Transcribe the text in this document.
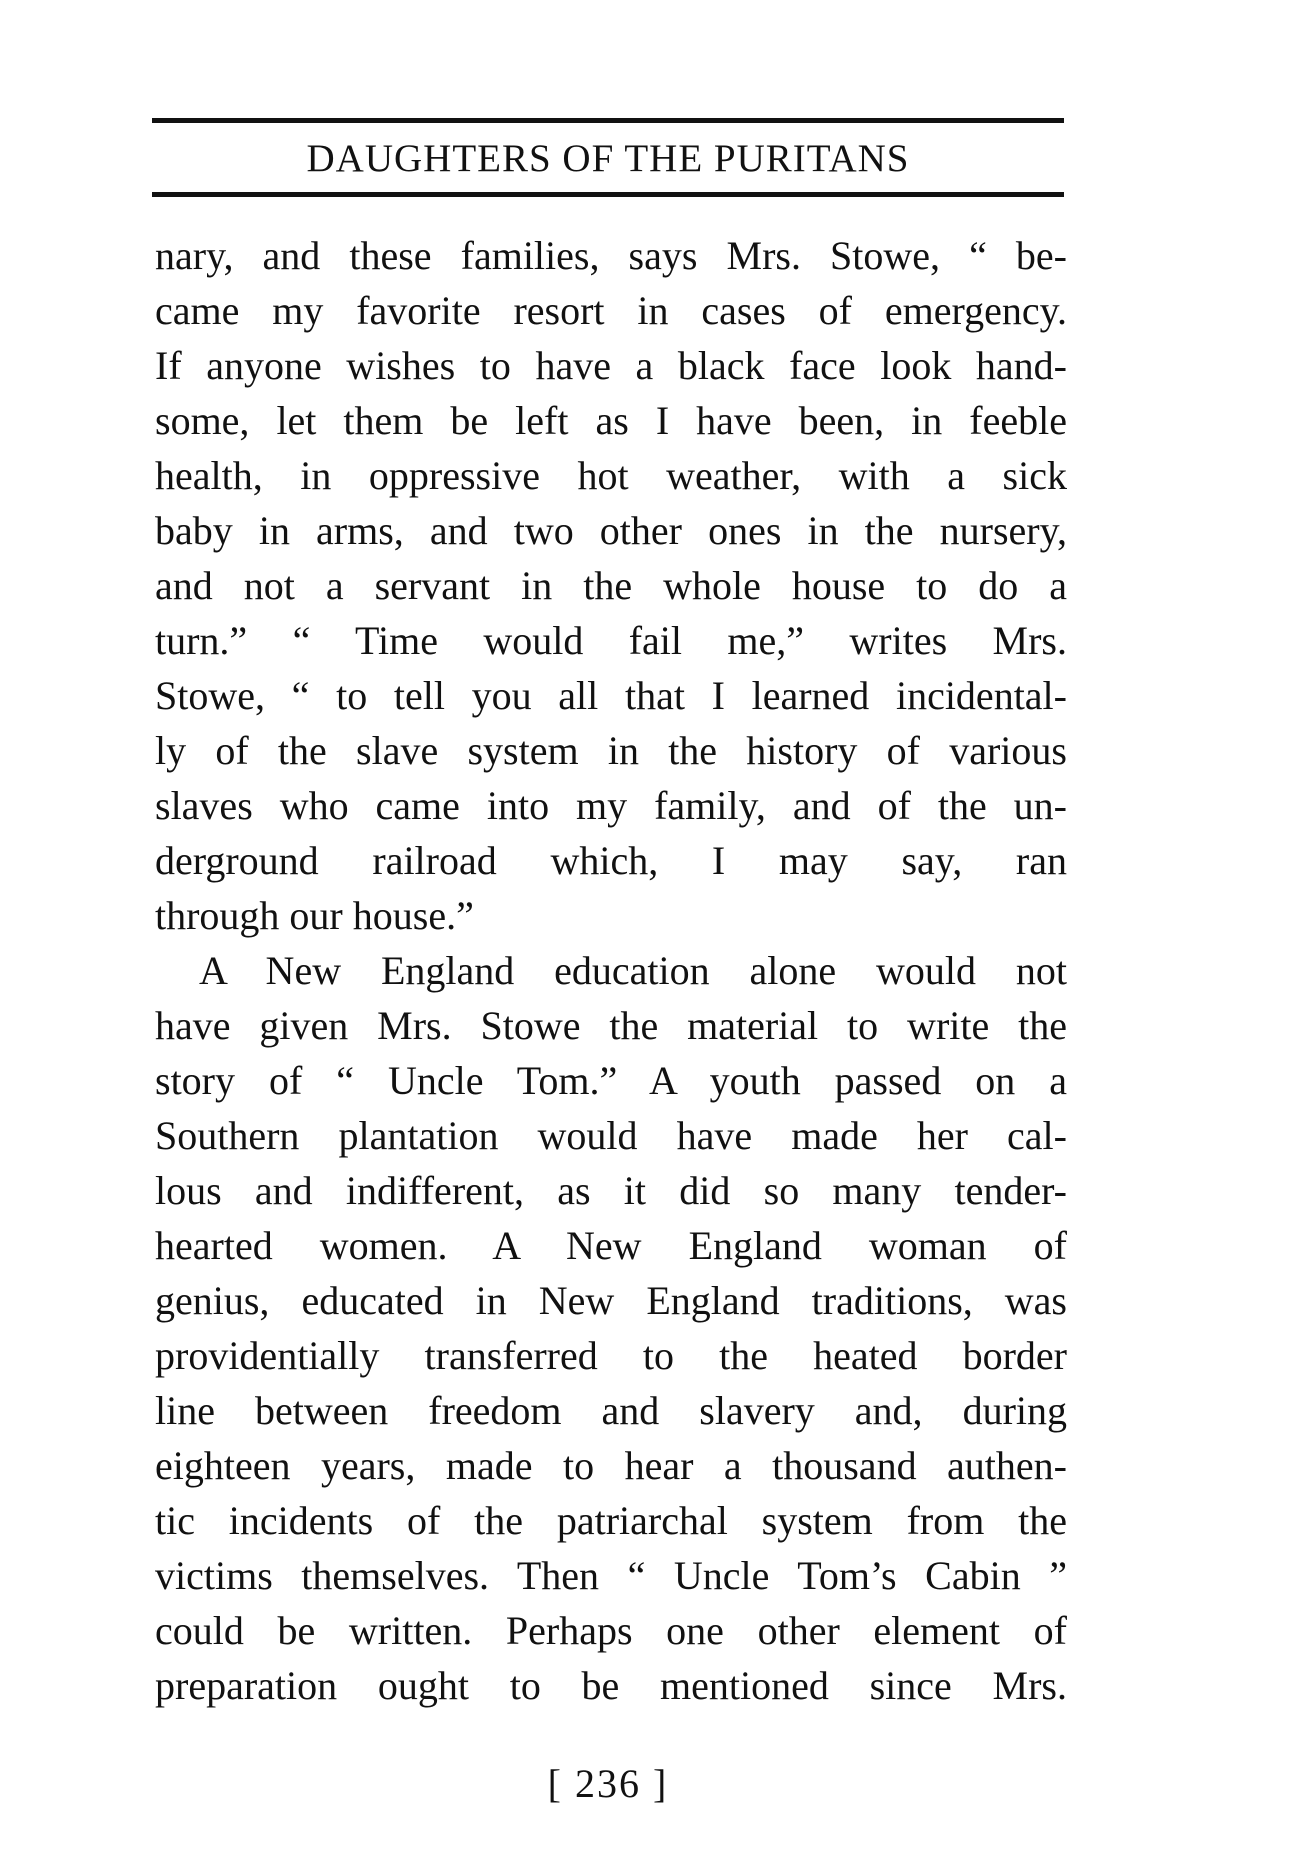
DAUGHTERS OF THE PURITANS
nary, and these families, says Mrs. Stowe, “ be-
came my favorite resort in cases of emergency.
If anyone wishes to have a black face look hand-
some, let them be left as I have been, in feeble
health, in oppressive hot weather, with a sick
baby in arms, and two other ones in the nursery,
and not a servant in the whole house to do a
turn.” “ Time would fail me,” writes Mrs.
Stowe, “ to tell you all that I learned incidental-
ly of the slave system in the history of various
slaves who came into my family, and of the un-
derground railroad which, I may say, ran
through our house.”
A New England education alone would not
have given Mrs. Stowe the material to write the
story of “ Uncle Tom.” A youth passed on a
Southern plantation would have made her cal-
lous and indifferent, as it did so many tender-
hearted women. A New England woman of
genius, educated in New England traditions, was
providentially transferred to the heated border
line between freedom and slavery and, during
eighteen years, made to hear a thousand authen-
tic incidents of the patriarchal system from the
victims themselves. Then “ Uncle Tom’s Cabin ”
could be written. Perhaps one other element of
preparation ought to be mentioned since Mrs.
[ 236 ]
